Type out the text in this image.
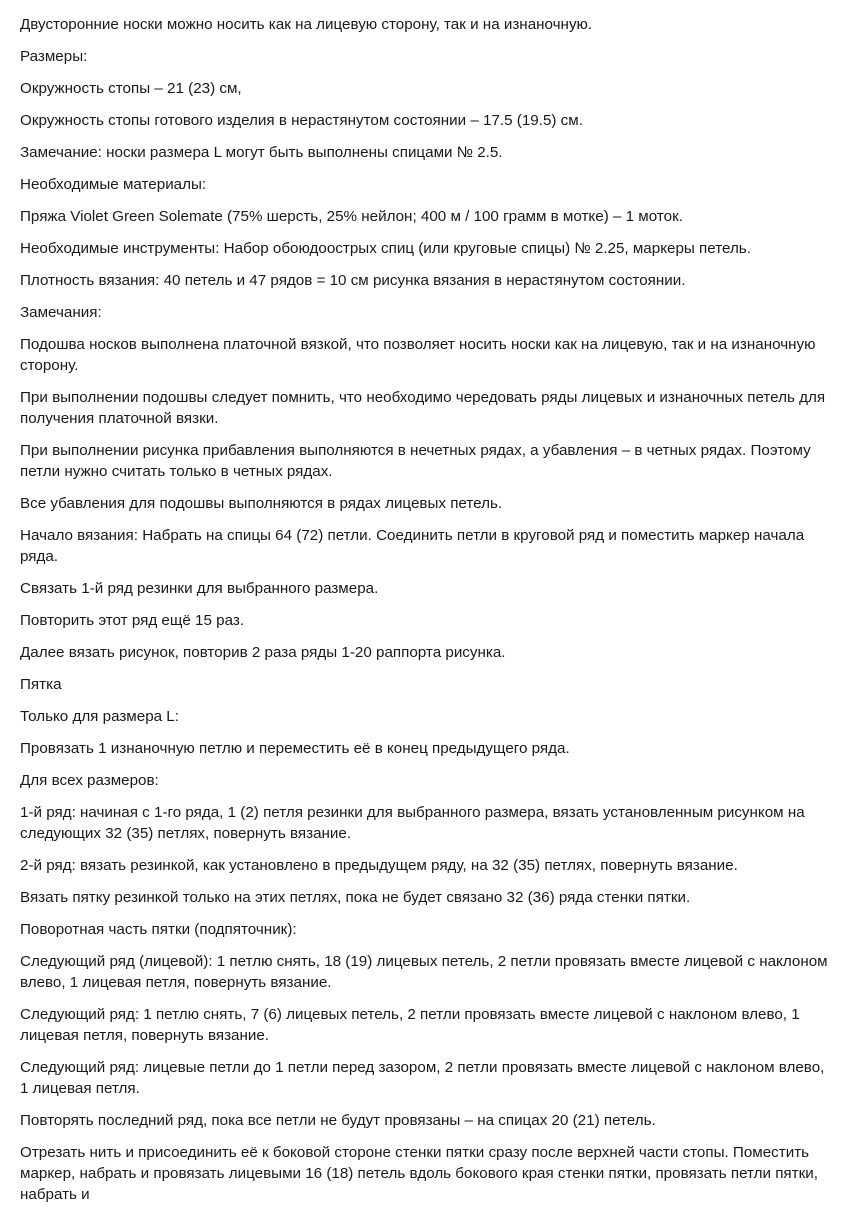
Двусторонние носки можно носить как на лицевую сторону, так и на изнаночную.

Размеры:

Окружность стопы – 21 (23) см,

Окружность стопы готового изделия в нерастянутом состоянии – 17.5 (19.5) см.

Замечание: носки размера L могут быть выполнены спицами № 2.5.

Необходимые материалы:

Пряжа Violet Green Solemate (75% шерсть, 25% нейлон; 400 м / 100 грамм в мотке) – 1 моток.

Необходимые инструменты: Набор обоюдоострых спиц (или круговые спицы) № 2.25, маркеры петель.

Плотность вязания: 40 петель и 47 рядов = 10 см рисунка вязания в нерастянутом состоянии.

Замечания:

Подошва носков выполнена платочной вязкой, что позволяет носить носки как на лицевую, так и на изнаночную сторону.

При выполнении подошвы следует помнить, что необходимо чередовать ряды лицевых и изнаночных петель для получения платочной вязки.

При выполнении рисунка прибавления выполняются в нечетных рядах, а убавления – в четных рядах. Поэтому петли нужно считать только в четных рядах.

Все убавления для подошвы выполняются в рядах лицевых петель.

Начало вязания: Набрать на спицы 64 (72) петли. Соединить петли в круговой ряд и поместить маркер начала ряда.

Связать 1-й ряд резинки для выбранного размера.

Повторить этот ряд ещё 15 раз.

Далее вязать рисунок, повторив 2 раза ряды 1-20 раппорта рисунка.

Пятка

Только для размера L:

Провязать 1 изнаночную петлю и переместить её в конец предыдущего ряда.

Для всех размеров:

1-й ряд: начиная с 1-го ряда, 1 (2) петля резинки для выбранного размера, вязать установленным рисунком на следующих 32 (35) петлях, повернуть вязание.

2-й ряд: вязать резинкой, как установлено в предыдущем ряду, на 32 (35) петлях, повернуть вязание.

Вязать пятку резинкой только на этих петлях, пока не будет связано 32 (36) ряда стенки пятки.

Поворотная часть пятки (подпяточник):

Следующий ряд (лицевой): 1 петлю снять, 18 (19) лицевых петель, 2 петли провязать вместе лицевой с наклоном влево, 1 лицевая петля, повернуть вязание.

Следующий ряд: 1 петлю снять, 7 (6) лицевых петель, 2 петли провязать вместе лицевой с наклоном влево, 1 лицевая петля, повернуть вязание.

Следующий ряд: лицевые петли до 1 петли перед зазором, 2 петли провязать вместе лицевой с наклоном влево, 1 лицевая петля.

Повторять последний ряд, пока все петли не будут провязаны – на спицах 20 (21) петель.

Отрезать нить и присоединить её к боковой стороне стенки пятки сразу после верхней части стопы. Поместить маркер, набрать и провязать лицевыми 16 (18) петель вдоль бокового края стенки пятки, провязать петли пятки, набрать и
